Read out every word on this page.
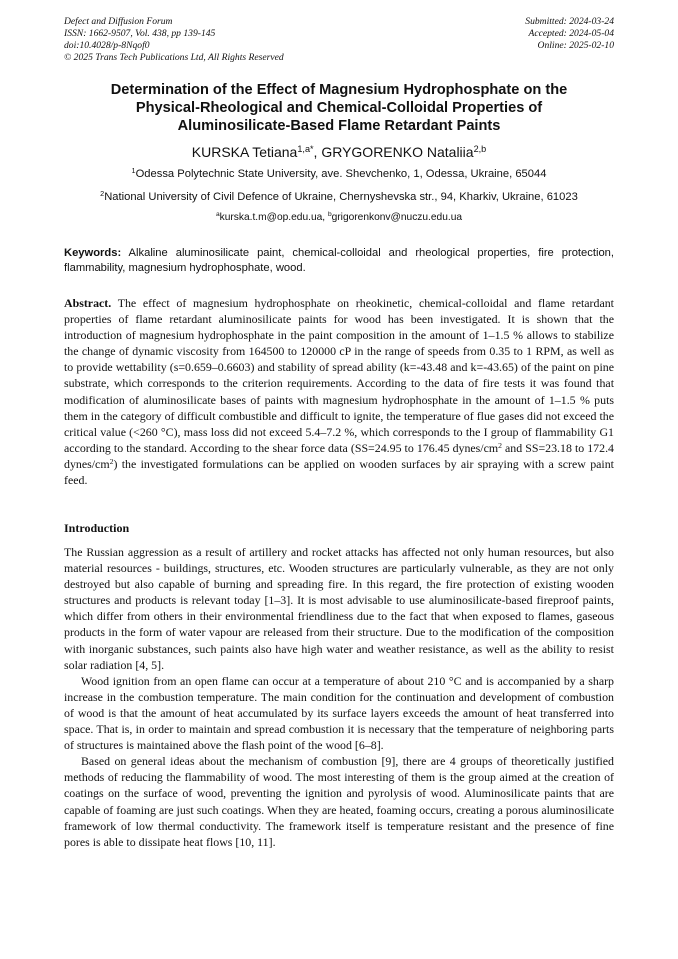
Defect and Diffusion Forum
ISSN: 1662-9507, Vol. 438, pp 139-145
doi:10.4028/p-8Nqof0
© 2025 Trans Tech Publications Ltd, All Rights Reserved
Submitted: 2024-03-24
Accepted: 2024-05-04
Online: 2025-02-10
Determination of the Effect of Magnesium Hydrophosphate on the
Physical-Rheological and Chemical-Colloidal Properties of
Aluminosilicate-Based Flame Retardant Paints
KURSKA Tetiana$^{1,a*}$, GRYGORENKO Nataliia$^{2,b}$
$^1$Odessa Polytechnic State University, ave. Shevchenko, 1, Odessa, Ukraine, 65044
$^2$National University of Civil Defence of Ukraine, Chernyshevska str., 94, Kharkiv, Ukraine, 61023
$^a$kurska.t.m@op.edu.ua, $^b$grigorenkonv@nuczu.edu.ua
Keywords: Alkaline aluminosilicate paint, chemical-colloidal and rheological properties, fire protection, flammability, magnesium hydrophosphate, wood.
Abstract. The effect of magnesium hydrophosphate on rheokinetic, chemical-colloidal and flame retardant properties of flame retardant aluminosilicate paints for wood has been investigated. It is shown that the introduction of magnesium hydrophosphate in the paint composition in the amount of 1–1.5 % allows to stabilize the change of dynamic viscosity from 164500 to 120000 cP in the range of speeds from 0.35 to 1 RPM, as well as to provide wettability (s=0.659–0.6603) and stability of spread ability (k=-43.48 and k=-43.65) of the paint on pine substrate, which corresponds to the criterion requirements. According to the data of fire tests it was found that modification of aluminosilicate bases of paints with magnesium hydrophosphate in the amount of 1–1.5 % puts them in the category of difficult combustible and difficult to ignite, the temperature of flue gases did not exceed the critical value (<260 °C), mass loss did not exceed 5.4–7.2 %, which corresponds to the I group of flammability G1 according to the standard. According to the shear force data (SS=24.95 to 176.45 dynes/$cm^2$ and SS=23.18 to 172.4 dynes/$cm^2$) the investigated formulations can be applied on wooden surfaces by air spraying with a screw paint feed.
Introduction

The Russian aggression as a result of artillery and rocket attacks has affected not only human resources, but also material resources - buildings, structures, etc. Wooden structures are particularly vulnerable, as they are not only destroyed but also capable of burning and spreading fire. In this regard, the fire protection of existing wooden structures and products is relevant today [1–3]. It is most advisable to use aluminosilicate-based fireproof paints, which differ from others in their environmental friendliness due to the fact that when exposed to flames, gaseous products in the form of water vapour are released from their structure. Due to the modification of the composition with inorganic substances, such paints also have high water and weather resistance, as well as the ability to resist solar radiation [4, 5].

Wood ignition from an open flame can occur at a temperature of about 210 °C and is accompanied by a sharp increase in the combustion temperature. The main condition for the continuation and development of combustion of wood is that the amount of heat accumulated by its surface layers exceeds the amount of heat transferred into space. That is, in order to maintain and spread combustion it is necessary that the temperature of neighboring parts of structures is maintained above the flash point of the wood [6–8].

Based on general ideas about the mechanism of combustion [9], there are 4 groups of theoretically justified methods of reducing the flammability of wood. The most interesting of them is the group aimed at the creation of coatings on the surface of wood, preventing the ignition and pyrolysis of wood. Aluminosilicate paints that are capable of foaming are just such coatings. When they are heated, foaming occurs, creating a porous aluminosilicate framework of low thermal conductivity. The framework itself is temperature resistant and the presence of fine pores is able to dissipate heat flows [10, 11].
